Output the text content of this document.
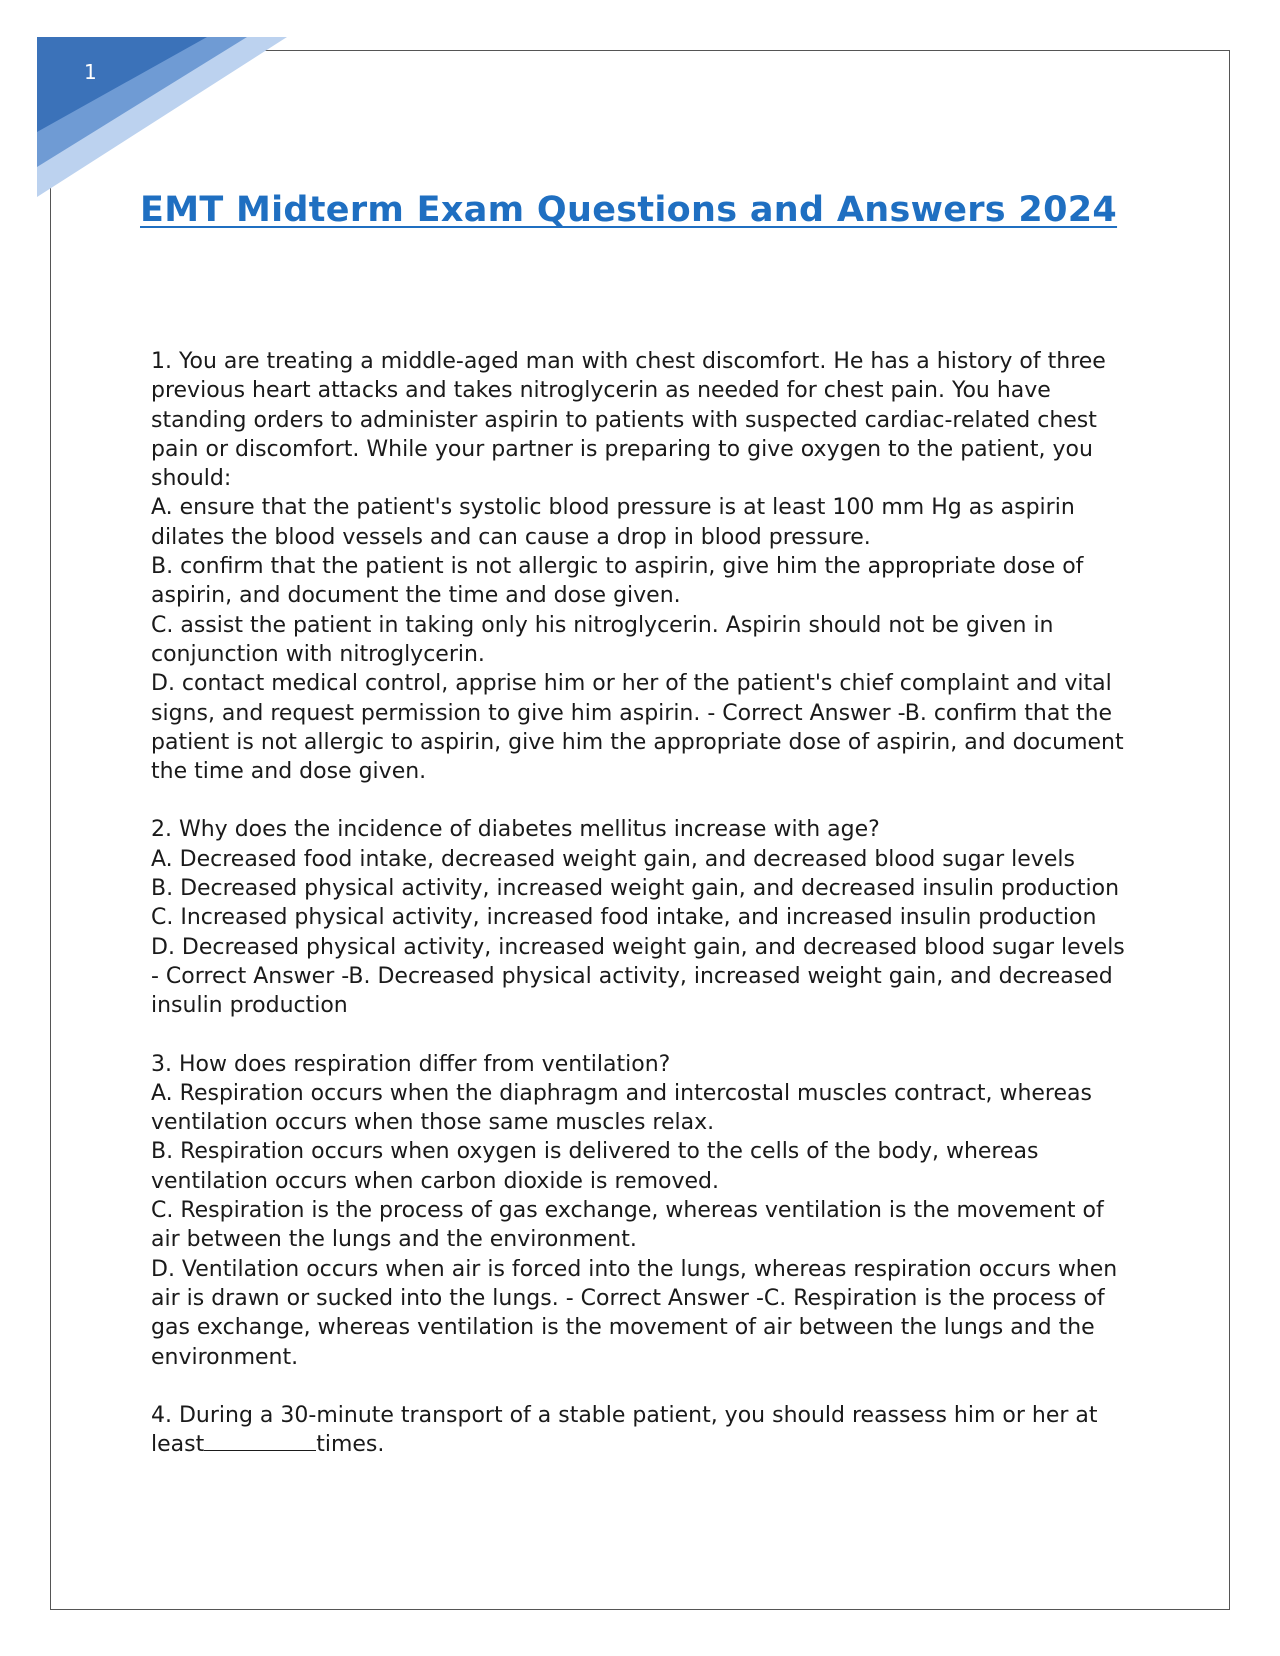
1
EMT Midterm Exam Questions and Answers 2024

1. You are treating a middle-aged man with chest discomfort. He has a history of three previous heart attacks and takes nitroglycerin as needed for chest pain. You have standing orders to administer aspirin to patients with suspected cardiac-related chest pain or discomfort. While your partner is preparing to give oxygen to the patient, you should:

A. ensure that the patient's systolic blood pressure is at least 100 mm Hg as aspirin dilates the blood vessels and can cause a drop in blood pressure.

B. confirm that the patient is not allergic to aspirin, give him the appropriate dose of aspirin, and document the time and dose given.

C. assist the patient in taking only his nitroglycerin. Aspirin should not be given in conjunction with nitroglycerin.

D. contact medical control, apprise him or her of the patient's chief complaint and vital signs, and request permission to give him aspirin. - Correct Answer -B. confirm that the patient is not allergic to aspirin, give him the appropriate dose of aspirin, and document the time and dose given.

2. Why does the incidence of diabetes mellitus increase with age?

A. Decreased food intake, decreased weight gain, and decreased blood sugar levels

B. Decreased physical activity, increased weight gain, and decreased insulin production

C. Increased physical activity, increased food intake, and increased insulin production

D. Decreased physical activity, increased weight gain, and decreased blood sugar levels - Correct Answer -B. Decreased physical activity, increased weight gain, and decreased insulin production

3. How does respiration differ from ventilation?

A. Respiration occurs when the diaphragm and intercostal muscles contract, whereas ventilation occurs when those same muscles relax.

B. Respiration occurs when oxygen is delivered to the cells of the body, whereas ventilation occurs when carbon dioxide is removed.

C. Respiration is the process of gas exchange, whereas ventilation is the movement of air between the lungs and the environment.

D. Ventilation occurs when air is forced into the lungs, whereas respiration occurs when air is drawn or sucked into the lungs. - Correct Answer -C. Respiration is the process of gas exchange, whereas ventilation is the movement of air between the lungs and the environment.

4. During a 30-minute transport of a stable patient, you should reassess him or her at least	times.
